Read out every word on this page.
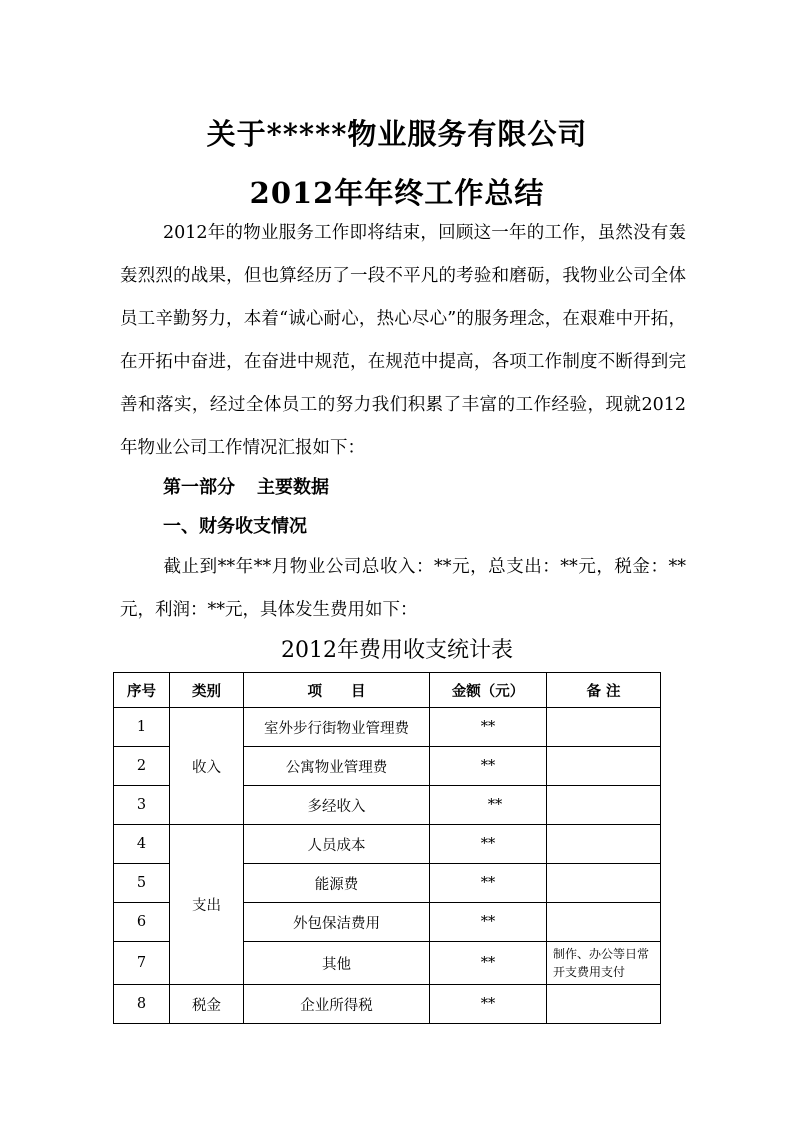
关于*****物业服务有限公司
2012年年终工作总结
2012年的物业服务工作即将结束，回顾这一年的工作，虽然没有轰轰烈烈的战果，但也算经历了一段不平凡的考验和磨砺，我物业公司全体员工辛勤努力，本着“诚心耐心，热心尽心”的服务理念，在艰难中开拓，在开拓中奋进，在奋进中规范，在规范中提高，各项工作制度不断得到完善和落实，经过全体员工的努力我们积累了丰富的工作经验，现就2012年物业公司工作情况汇报如下：
第一部分 主要数据
一、财务收支情况
截止到**年**月物业公司总收入：**元，总支出：**元，税金：**元，利润：**元，具体发生费用如下：
2012年费用收支统计表
序号	类别	项　　目	金额（元）	备 注
1	收入	室外步行街物业管理费	**	
2		公寓物业管理费	**	
3		多经收入	**	
4	支出	人员成本	**	
5		能源费	**	
6		外包保洁费用	**	
7		其他	**	制作、办公等日常开支费用支付
8	税金	企业所得税	**	
